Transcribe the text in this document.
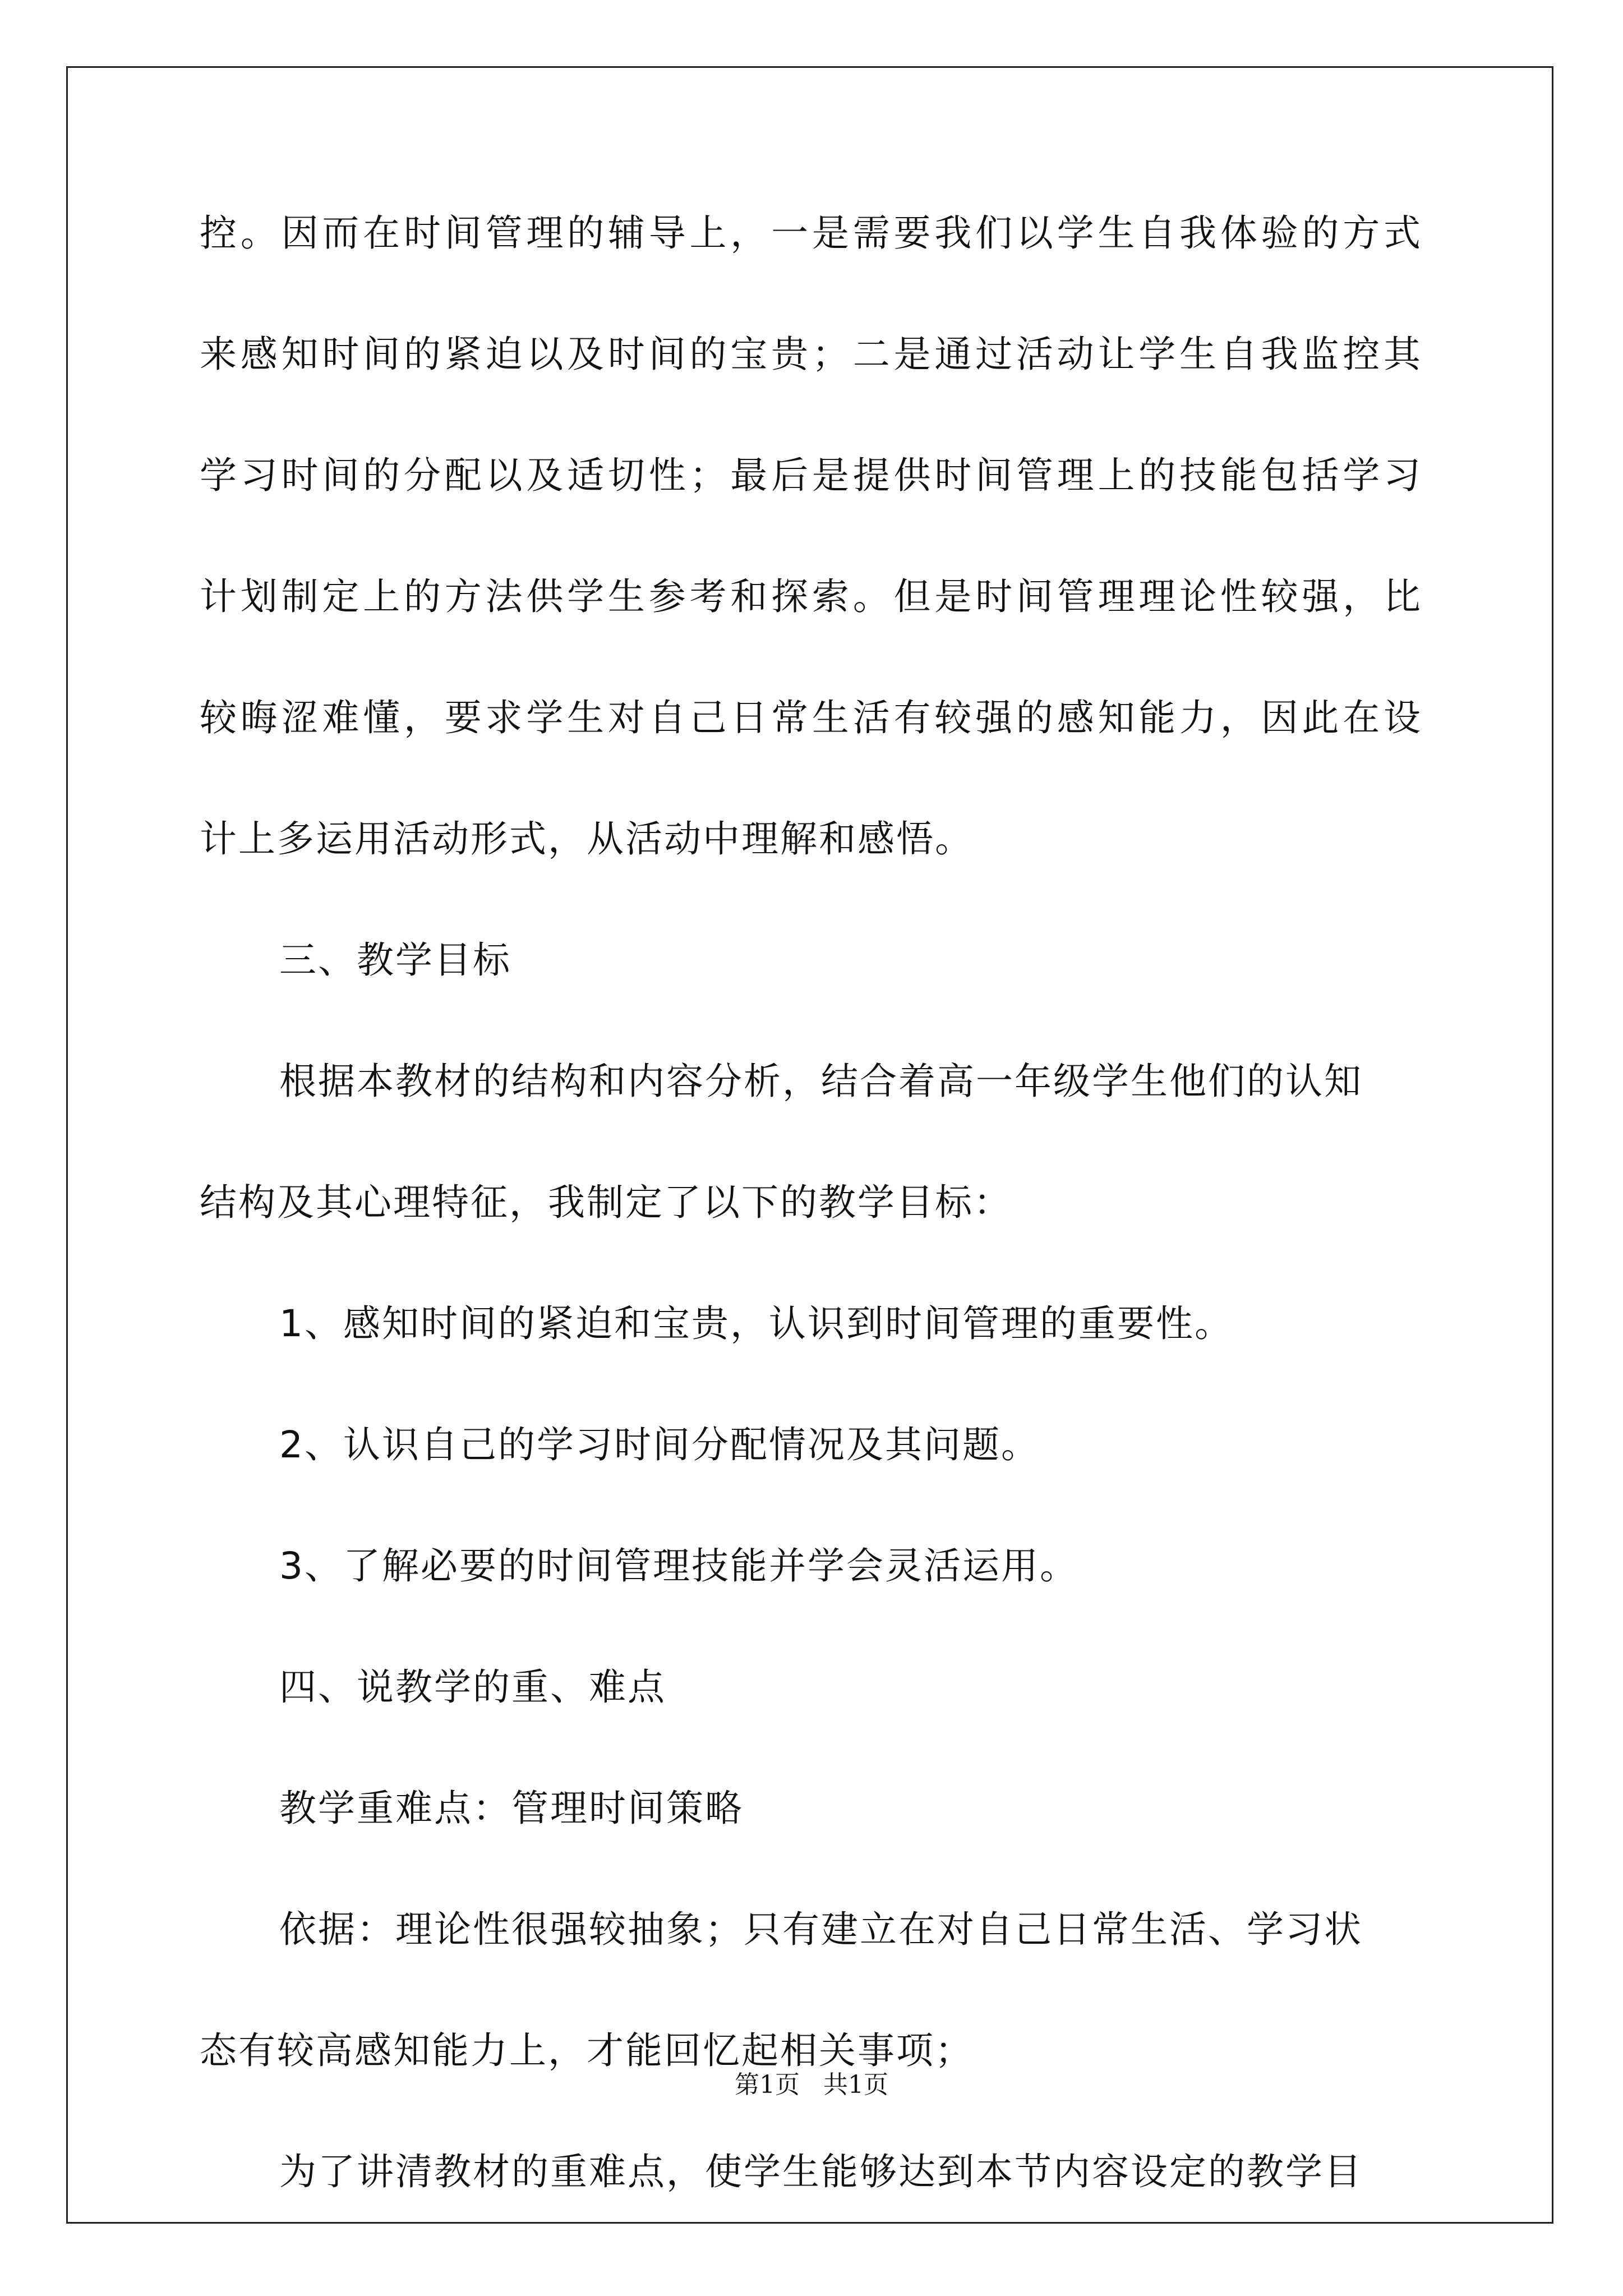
控。因而在时间管理的辅导上，一是需要我们以学生自我体验的方式
来感知时间的紧迫以及时间的宝贵；二是通过活动让学生自我监控其
学习时间的分配以及适切性；最后是提供时间管理上的技能包括学习
计划制定上的方法供学生参考和探索。但是时间管理理论性较强，比
较晦涩难懂，要求学生对自己日常生活有较强的感知能力，因此在设
计上多运用活动形式，从活动中理解和感悟。
三、教学目标
根据本教材的结构和内容分析，结合着高一年级学生他们的认知
结构及其心理特征，我制定了以下的教学目标：
1、感知时间的紧迫和宝贵，认识到时间管理的重要性。
2、认识自己的学习时间分配情况及其问题。
3、了解必要的时间管理技能并学会灵活运用。
四、说教学的重、难点
教学重难点：管理时间策略
依据：理论性很强较抽象；只有建立在对自己日常生活、学习状
态有较高感知能力上，才能回忆起相关事项；
为了讲清教材的重难点，使学生能够达到本节内容设定的教学目
第1页   共1页
